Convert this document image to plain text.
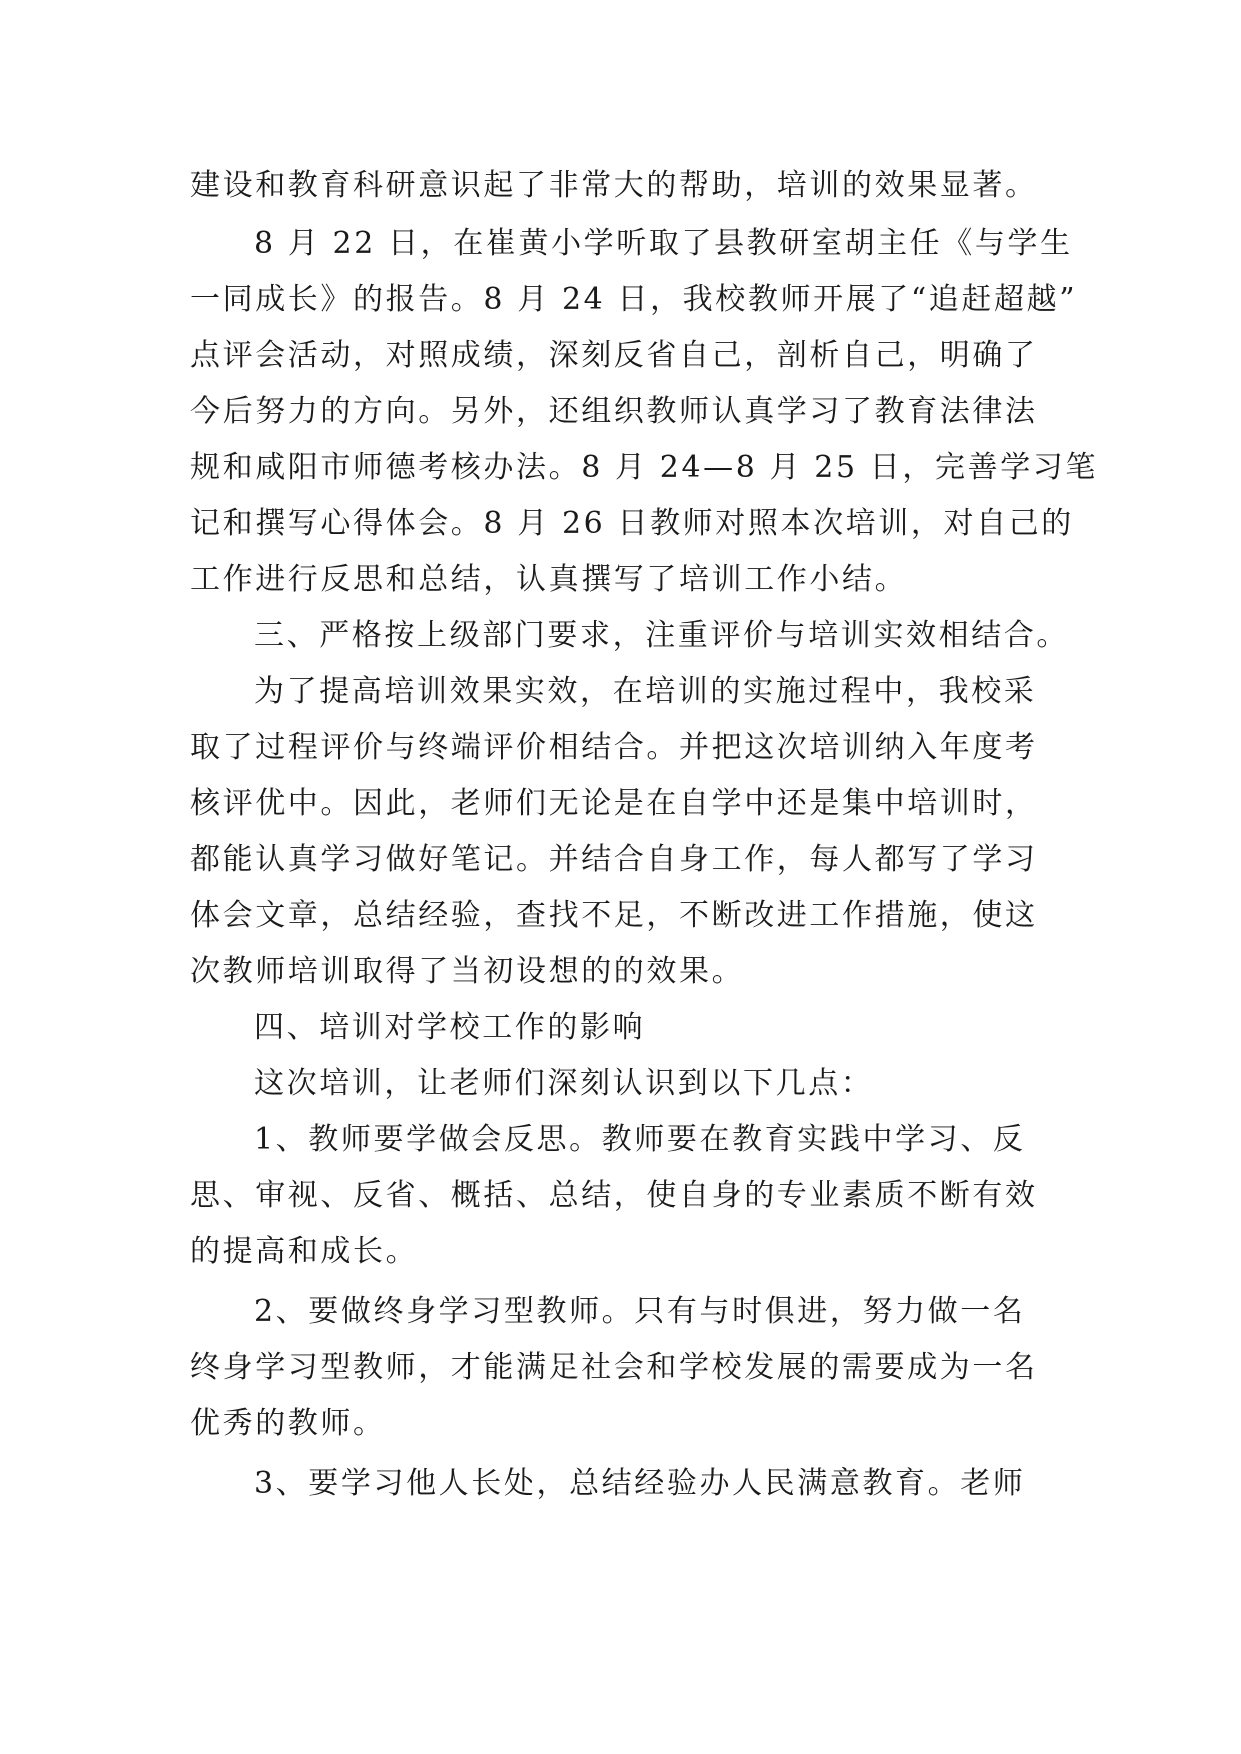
建设和教育科研意识起了非常大的帮助，培训的效果显著。
8 月 22 日，在崔黄小学听取了县教研室胡主任《与学生
一同成长》的报告。8 月 24 日，我校教师开展了“追赶超越”
点评会活动，对照成绩，深刻反省自己，剖析自己，明确了
今后努力的方向。另外，还组织教师认真学习了教育法律法
规和咸阳市师德考核办法。8 月 24—8 月 25 日，完善学习笔
记和撰写心得体会。8 月 26 日教师对照本次培训，对自己的
工作进行反思和总结，认真撰写了培训工作小结。
三、严格按上级部门要求，注重评价与培训实效相结合。
为了提高培训效果实效，在培训的实施过程中，我校采
取了过程评价与终端评价相结合。并把这次培训纳入年度考
核评优中。因此，老师们无论是在自学中还是集中培训时，
都能认真学习做好笔记。并结合自身工作，每人都写了学习
体会文章，总结经验，查找不足，不断改进工作措施，使这
次教师培训取得了当初设想的的效果。
四、培训对学校工作的影响
这次培训，让老师们深刻认识到以下几点：
1、教师要学做会反思。教师要在教育实践中学习、反
思、审视、反省、概括、总结，使自身的专业素质不断有效
的提高和成长。
2、要做终身学习型教师。只有与时俱进，努力做一名
终身学习型教师，才能满足社会和学校发展的需要成为一名
优秀的教师。
3、要学习他人长处，总结经验办人民满意教育。老师
